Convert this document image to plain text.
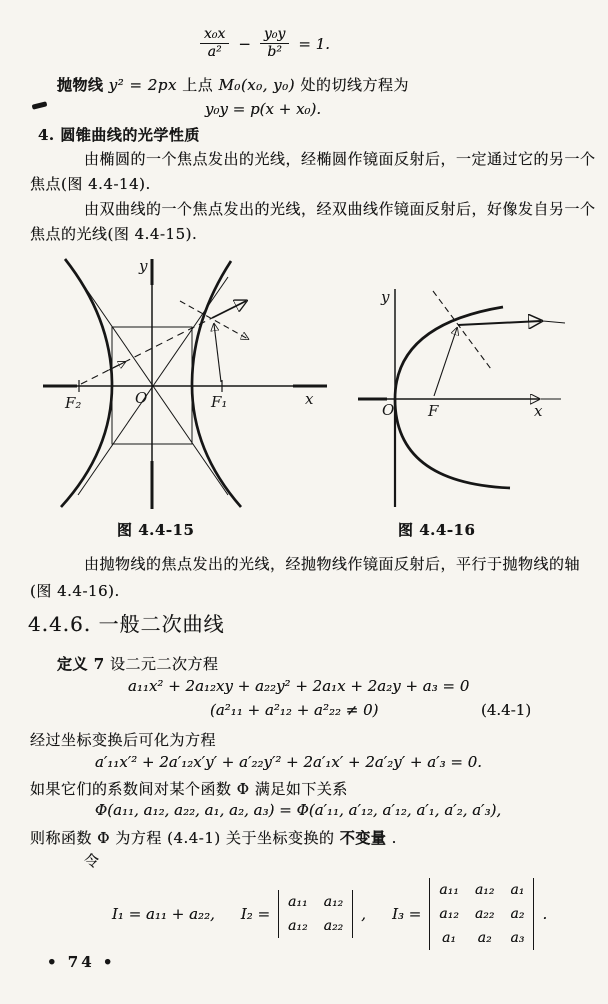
$\frac{\text{x₀x}}{\text{a²}} - \frac{\text{y₀y}}{\text{b²}} = 1$.
抛物线 y² = 2px 上点 M₀(x₀, y₀) 处的切线方程为
y₀y = p(x + x₀).
4. 圆锥曲线的光学性质
由椭圆的一个焦点发出的光线，经椭圆作镜面反射后，一定通过它的另一个
焦点(图 4.4-14).
由双曲线的一个焦点发出的光线，经双曲线作镜面反射后，好像发自另一个
焦点的光线(图 4.4-15).
y
x
O	F₁
F₂
y
x
O F
图 4.4-15	图 4.4-16
由抛物线的焦点发出的光线，经抛物线作镜面反射后，平行于抛物线的轴
(图 4.4-16).
4.4.6. 一般二次曲线
定义 7 设二元二次方程
a₁₁x² + 2a₁₂xy + a₂₂y² + 2a₁x + 2a₂y + a₃ = 0
(a²₁₁ + a²₁₂ + a²₂₂ ≠ 0)	(4.4-1)
经过坐标变换后可化为方程
a′₁₁x′² + 2a′₁₂x′y′ + a′₂₂y′² + 2a′₁x′ + 2a′₂y′ + a′₃ = 0.
如果它们的系数间对某个函数 Φ 满足如下关系
Φ(a₁₁, a₁₂, a₂₂, a₁, a₂, a₃) = Φ(a′₁₁, a′₁₂, a′₁₂, a′₁, a′₂, a′₃),
则称函数 Φ 为方程 (4.4-1) 关于坐标变换的 不变量 .
令
I₁ = a₁₁ + a₂₂, I₂ =
a₁₁ a₁₂
a₁₂ a₂₂
, I₃ =
a₁₁ a₁₂ a₁
a₁₂ a₂₂ a₂
a₁ a₂ a₃
.
• 74 •
